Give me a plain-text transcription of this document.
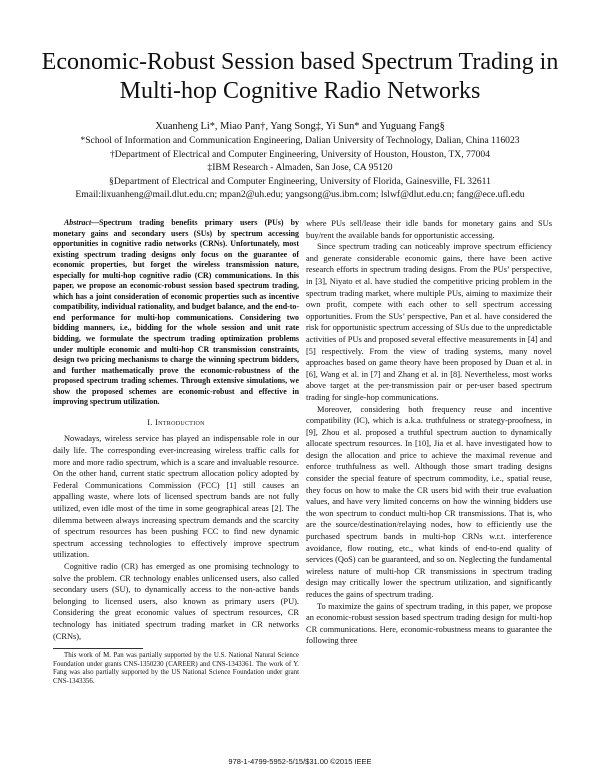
Economic-Robust Session based Spectrum Trading in Multi-hop Cognitive Radio Networks
Xuanheng Li*, Miao Pan†, Yang Song‡, Yi Sun* and Yuguang Fang§
*School of Information and Communication Engineering, Dalian University of Technology, Dalian, China 116023
†Department of Electrical and Computer Engineering, University of Houston, Houston, TX, 77004
‡IBM Research - Almaden, San Jose, CA 95120
§Department of Electrical and Computer Engineering, University of Florida, Gainesville, FL 32611
Email:lixuanheng@mail.dlut.edu.cn; mpan2@uh.edu; yangsong@us.ibm.com; lslwf@dlut.edu.cn; fang@ece.ufl.edu

Abstract—Spectrum trading benefits primary users (PUs) by monetary gains and secondary users (SUs) by spectrum accessing opportunities in cognitive radio networks (CRNs). Unfortunately, most existing spectrum trading designs only focus on the guarantee of economic properties, but forget the wireless transmission nature, especially for multi-hop cognitive radio (CR) communications. In this paper, we propose an economic-robust session based spectrum trading, which has a joint consideration of economic properties such as incentive compatibility, individual rationality, and budget balance, and the end-to-end performance for multi-hop communications. Considering two bidding manners, i.e., bidding for the whole session and unit rate bidding, we formulate the spectrum trading optimization problems under multiple economic and multi-hop CR transmission constraints, design two pricing mechanisms to charge the winning spectrum bidders, and further mathematically prove the economic-robustness of the proposed spectrum trading schemes. Through extensive simulations, we show the proposed schemes are economic-robust and effective in improving spectrum utilization.

I. Introduction

Nowadays, wireless service has played an indispensable role in our daily life. The corresponding ever-increasing wireless traffic calls for more and more radio spectrum, which is a scare and invaluable resource. On the other hand, current static spectrum allocation policy adopted by Federal Communications Commission (FCC) [1] still causes an appalling waste, where lots of licensed spectrum bands are not fully utilized, even idle most of the time in some geographical areas [2]. The dilemma between always increasing spectrum demands and the scarcity of spectrum resources has been pushing FCC to find new dynamic spectrum accessing technologies to effectively improve spectrum utilization.

Cognitive radio (CR) has emerged as one promising technology to solve the problem. CR technology enables unlicensed users, also called secondary users (SU), to dynamically access to the non-active bands belonging to licensed users, also known as primary users (PU). Considering the great economic values of spectrum resources, CR technology has initiated spectrum trading market in CR networks (CRNs),

This work of M. Pan was partially supported by the U.S. National Natural Science Foundation under grants CNS-1350230 (CAREER) and CNS-1343361. The work of Y. Fang was also partially supported by the US National Science Foundation under grant CNS-1343356.

where PUs sell/lease their idle bands for monetary gains and SUs buy/rent the available bands for opportunistic accessing.

Since spectrum trading can noticeably improve spectrum efficiency and generate considerable economic gains, there have been active research efforts in spectrum trading designs. From the PUs’ perspective, in [3], Niyato et al. have studied the competitive pricing problem in the spectrum trading market, where multiple PUs, aiming to maximize their own profit, compete with each other to sell spectrum accessing opportunities. From the SUs’ perspective, Pan et al. have considered the risk for opportunistic spectrum accessing of SUs due to the unpredictable activities of PUs and proposed several effective measurements in [4] and [5] respectively. From the view of trading systems, many novel approaches based on game theory have been proposed by Duan et al. in [6], Wang et al. in [7] and Zhang et al. in [8]. Nevertheless, most works above target at the per-transmission pair or per-user based spectrum trading for single-hop communications.

Moreover, considering both frequency reuse and incentive compatibility (IC), which is a.k.a. truthfulness or strategy-proofness, in [9], Zhou et al. proposed a truthful spectrum auction to dynamically allocate spectrum resources. In [10], Jia et al. have investigated how to design the allocation and price to achieve the maximal revenue and enforce truthfulness as well. Although those smart trading designs consider the special feature of spectrum commodity, i.e., spatial reuse, they focus on how to make the CR users bid with their true evaluation values, and have very limited concerns on how the winning bidders use the won spectrum to conduct multi-hop CR transmissions. That is, who are the source/destination/relaying nodes, how to efficiently use the purchased spectrum bands in multi-hop CRNs w.r.t. interference avoidance, flow routing, etc., what kinds of end-to-end quality of services (QoS) can be guaranteed, and so on. Neglecting the fundamental wireless nature of multi-hop CR transmissions in spectrum trading design may critically lower the spectrum utilization, and significantly reduces the gains of spectrum trading.

To maximize the gains of spectrum trading, in this paper, we propose an economic-robust session based spectrum trading design for multi-hop CR communications. Here, economic-robustness means to guarantee the following three

978-1-4799-5952-5/15/$31.00 ©2015 IEEE
